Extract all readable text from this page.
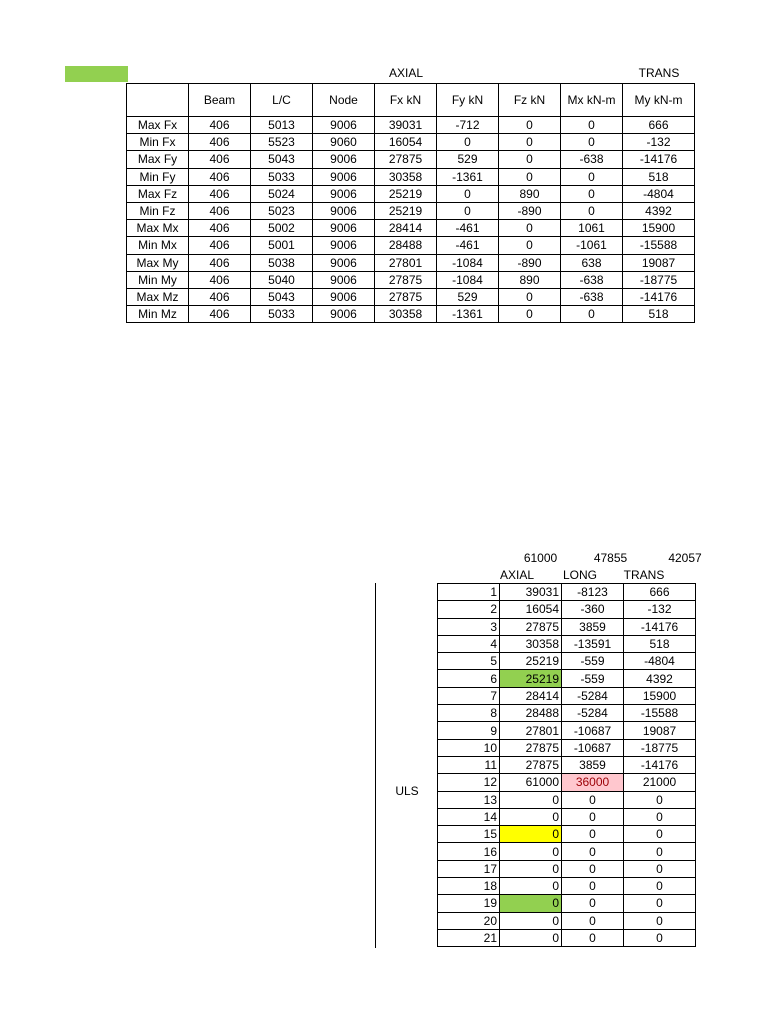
AXIAL	TRANS
	Beam	L/C	Node	Fx kN	Fy kN	Fz kN	Mx kN-m	My kN-m
Max Fx	406	5013	9006	39031	-712	0	0	666
Min Fx	406	5523	9060	16054	0	0	0	-132
Max Fy	406	5043	9006	27875	529	0	-638	-14176
Min Fy	406	5033	9006	30358	-1361	0	0	518
Max Fz	406	5024	9006	25219	0	890	0	-4804
Min Fz	406	5023	9006	25219	0	-890	0	4392
Max Mx	406	5002	9006	28414	-461	0	1061	15900
Min Mx	406	5001	9006	28488	-461	0	-1061	-15588
Max My	406	5038	9006	27801	-1084	-890	638	19087
Min My	406	5040	9006	27875	-1084	890	-638	-18775
Max Mz	406	5043	9006	27875	529	0	-638	-14176
Min Mz	406	5033	9006	30358	-1361	0	0	518
61000	47855	42057
AXIAL	LONG	TRANS
ULS
1	39031	-8123	666
2	16054	-360	-132
3	27875	3859	-14176
4	30358	-13591	518
5	25219	-559	-4804
6	25219	-559	4392
7	28414	-5284	15900
8	28488	-5284	-15588
9	27801	-10687	19087
10	27875	-10687	-18775
11	27875	3859	-14176
12	61000	36000	21000
13	0	0	0
14	0	0	0
15	0	0	0
16	0	0	0
17	0	0	0
18	0	0	0
19	0	0	0
20	0	0	0
21	0	0	0
